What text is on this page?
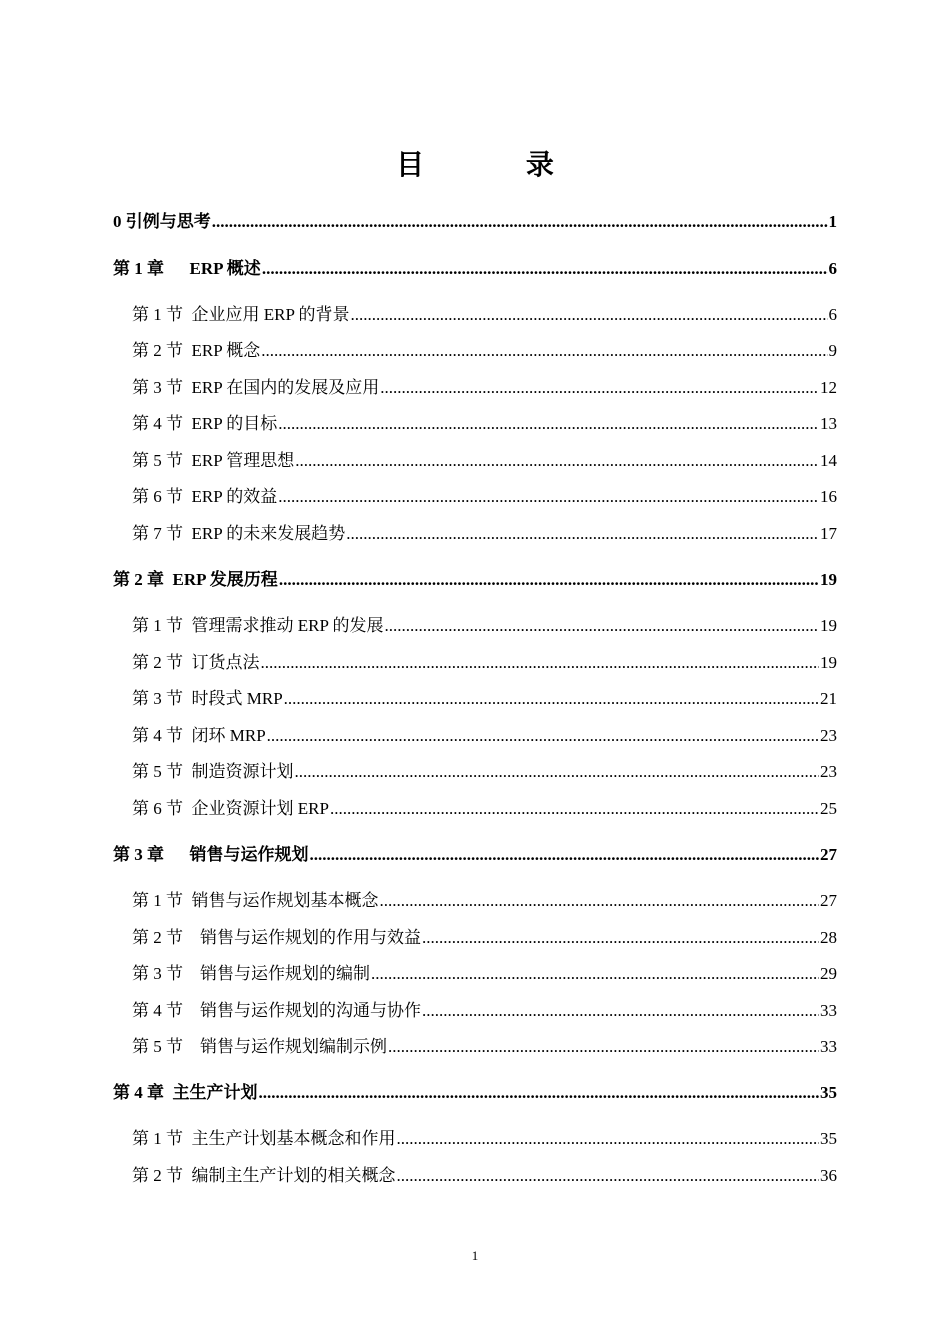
目 录
0 引例与思考 .....	1
第 1 章      ERP 概述 .....	6
第 1 节  企业应用 ERP 的背景 .....	6
第 2 节  ERP 概念 .....	9
第 3 节  ERP 在国内的发展及应用 .....	12
第 4 节  ERP 的目标 .....	13
第 5 节  ERP 管理思想 .....	14
第 6 节  ERP 的效益 .....	16
第 7 节  ERP 的未来发展趋势 .....	17
第 2 章  ERP 发展历程 .....	19
第 1 节  管理需求推动 ERP 的发展 .....	19
第 2 节  订货点法 .....	19
第 3 节  时段式 MRP .....	21
第 4 节  闭环 MRP .....	23
第 5 节  制造资源计划 .....	23
第 6 节  企业资源计划 ERP .....	25
第 3 章      销售与运作规划 .....	27
第 1 节  销售与运作规划基本概念 .....	27
第 2 节    销售与运作规划的作用与效益 .....	28
第 3 节    销售与运作规划的编制 .....	29
第 4 节    销售与运作规划的沟通与协作 .....	33
第 5 节    销售与运作规划编制示例 .....	33
第 4 章  主生产计划 .....	35
第 1 节  主生产计划基本概念和作用 .....	35
第 2 节  编制主生产计划的相关概念 .....	36
1
